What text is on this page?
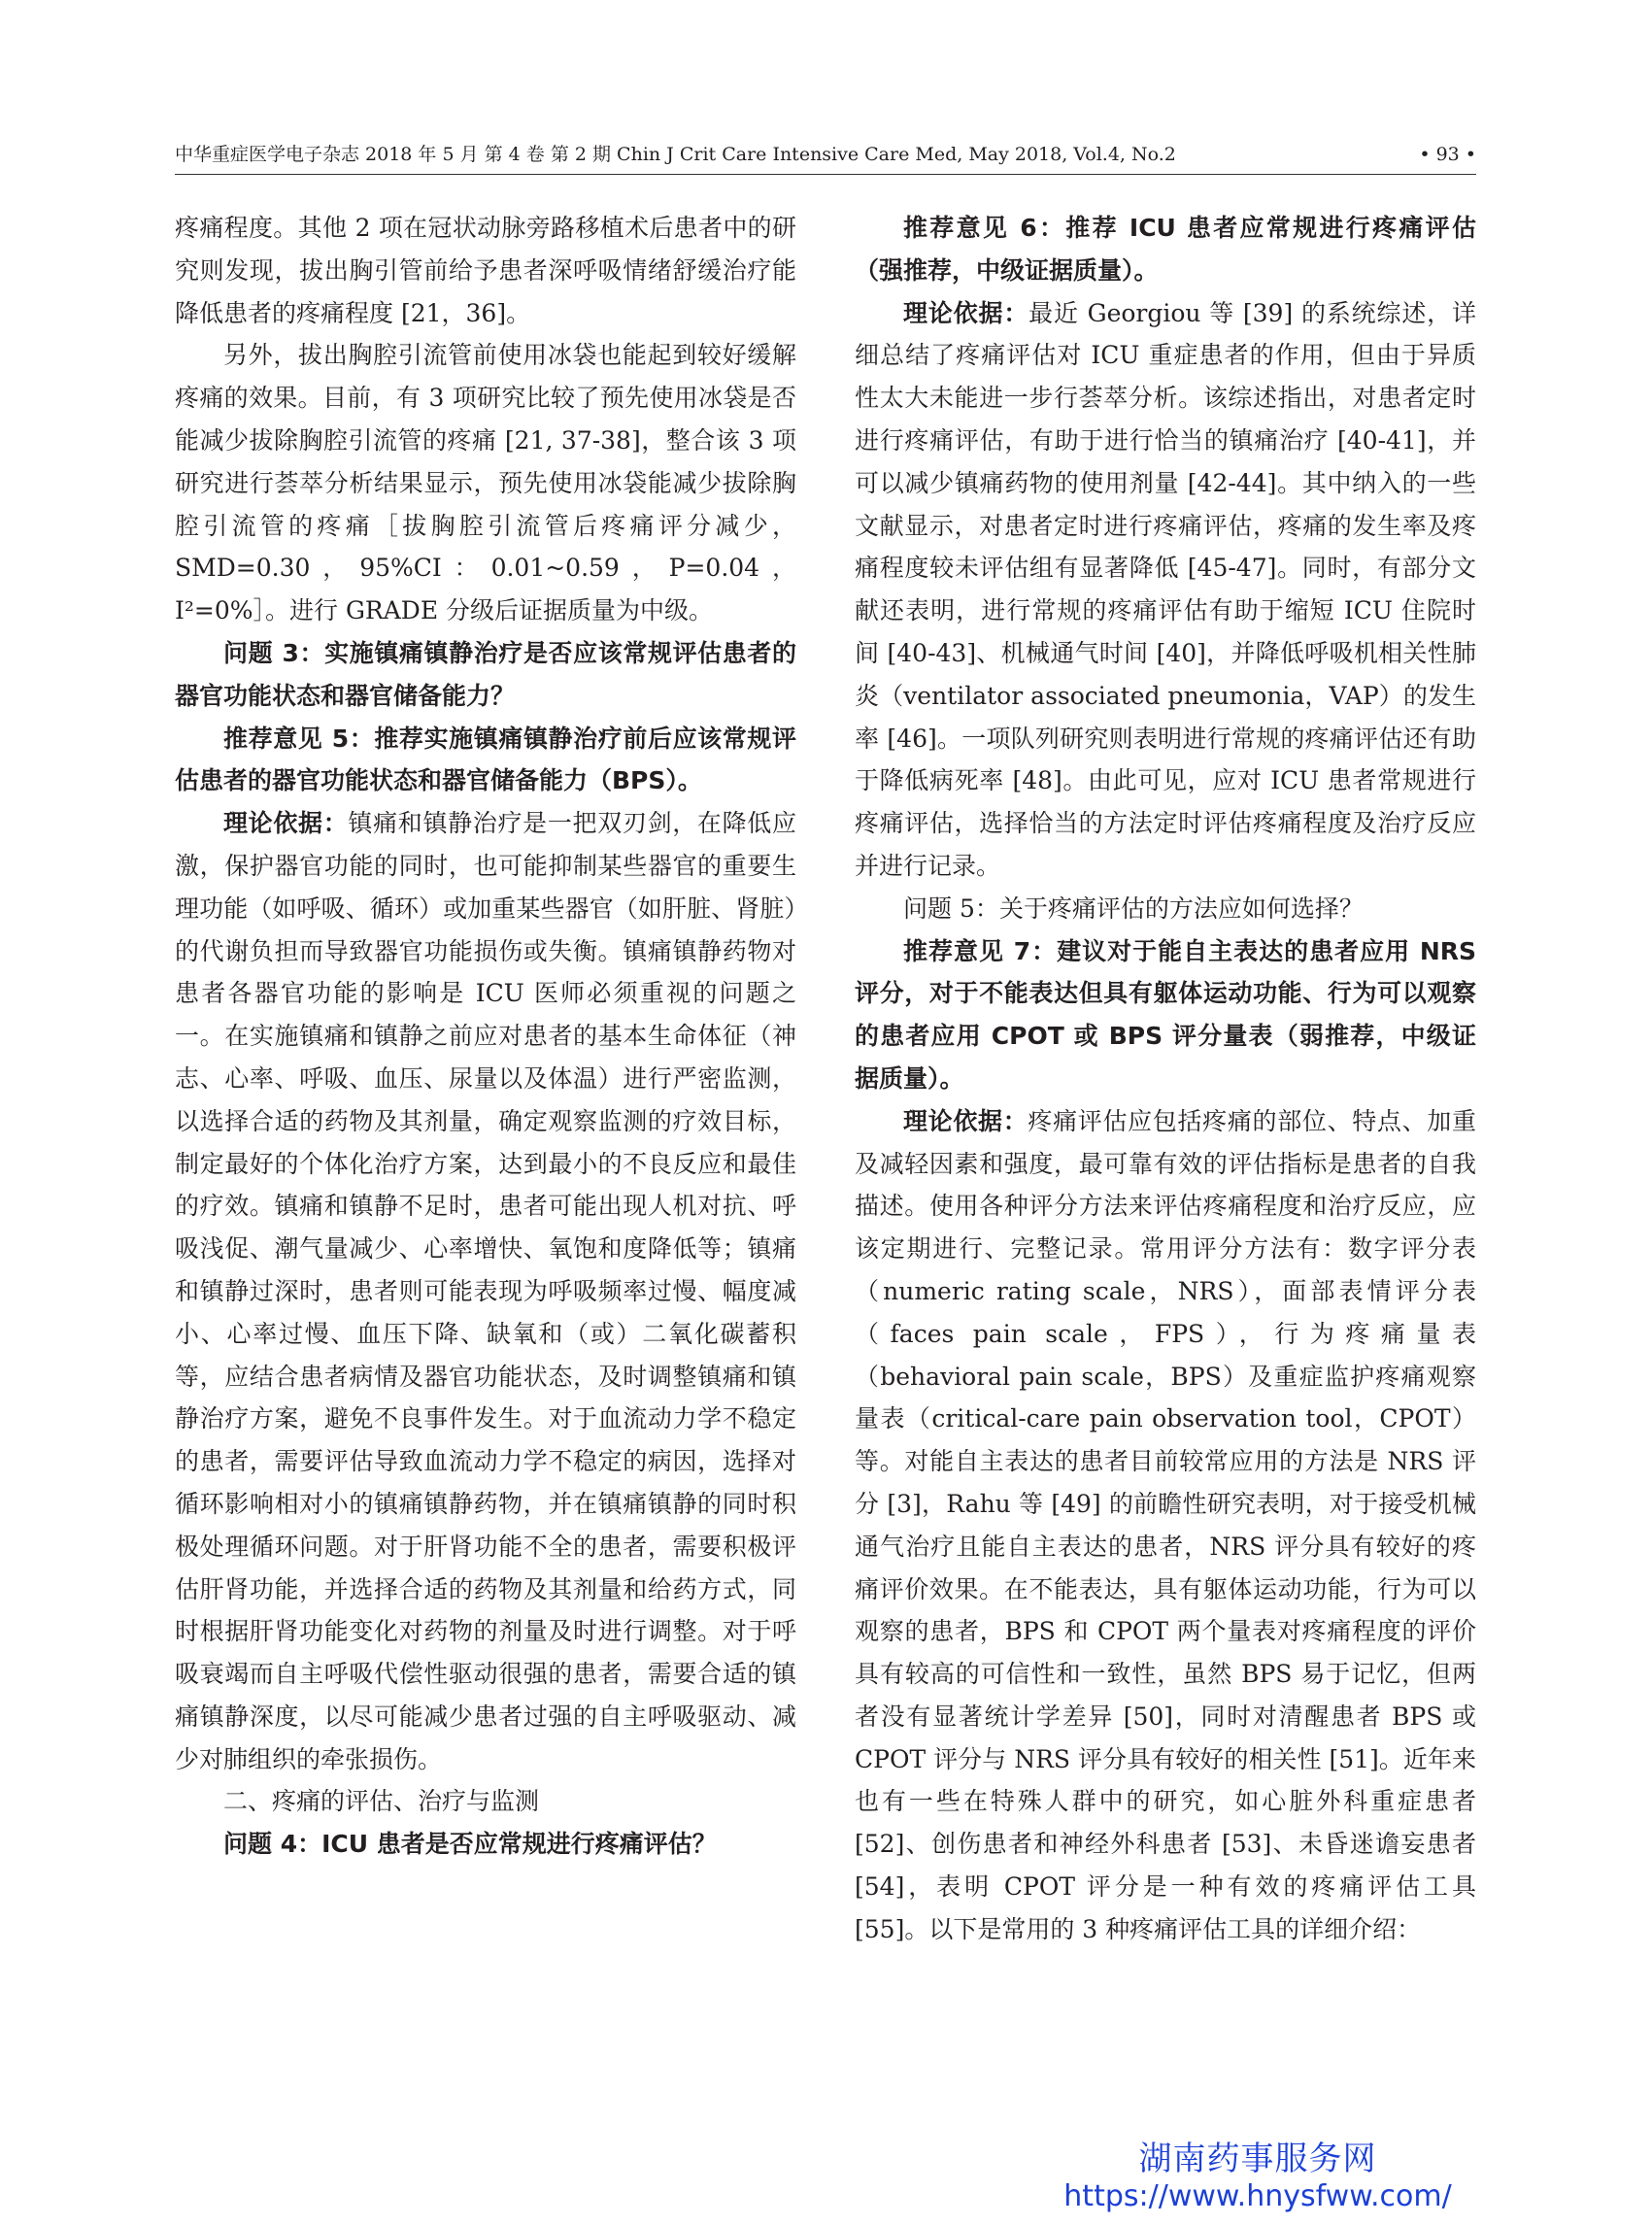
中华重症医学电子杂志 2018 年 5 月 第 4 卷 第 2 期 Chin J Crit Care Intensive Care Med, May 2018, Vol.4, No.2	• 93 •

疼痛程度。其他 2 项在冠状动脉旁路移植术后患者中的研究则发现，拔出胸引管前给予患者深呼吸情绪舒缓治疗能降低患者的疼痛程度 [21，36]。

另外，拔出胸腔引流管前使用冰袋也能起到较好缓解疼痛的效果。目前，有 3 项研究比较了预先使用冰袋是否能减少拔除胸腔引流管的疼痛 [21, 37-38]，整合该 3 项研究进行荟萃分析结果显示，预先使用冰袋能减少拔除胸腔引流管的疼痛［拔胸腔引流管后疼痛评分减少，SMD=0.30，95%CI：0.01~0.59，P=0.04，I²=0%］。进行 GRADE 分级后证据质量为中级。

问题 3：实施镇痛镇静治疗是否应该常规评估患者的器官功能状态和器官储备能力？

推荐意见 5：推荐实施镇痛镇静治疗前后应该常规评估患者的器官功能状态和器官储备能力（BPS）。

理论依据：镇痛和镇静治疗是一把双刃剑，在降低应激，保护器官功能的同时，也可能抑制某些器官的重要生理功能（如呼吸、循环）或加重某些器官（如肝脏、肾脏）的代谢负担而导致器官功能损伤或失衡。镇痛镇静药物对患者各器官功能的影响是 ICU 医师必须重视的问题之一。在实施镇痛和镇静之前应对患者的基本生命体征（神志、心率、呼吸、血压、尿量以及体温）进行严密监测，以选择合适的药物及其剂量，确定观察监测的疗效目标，制定最好的个体化治疗方案，达到最小的不良反应和最佳的疗效。镇痛和镇静不足时，患者可能出现人机对抗、呼吸浅促、潮气量减少、心率增快、氧饱和度降低等；镇痛和镇静过深时，患者则可能表现为呼吸频率过慢、幅度减小、心率过慢、血压下降、缺氧和（或）二氧化碳蓄积等，应结合患者病情及器官功能状态，及时调整镇痛和镇静治疗方案，避免不良事件发生。对于血流动力学不稳定的患者，需要评估导致血流动力学不稳定的病因，选择对循环影响相对小的镇痛镇静药物，并在镇痛镇静的同时积极处理循环问题。对于肝肾功能不全的患者，需要积极评估肝肾功能，并选择合适的药物及其剂量和给药方式，同时根据肝肾功能变化对药物的剂量及时进行调整。对于呼吸衰竭而自主呼吸代偿性驱动很强的患者，需要合适的镇痛镇静深度，以尽可能减少患者过强的自主呼吸驱动、减少对肺组织的牵张损伤。

二、疼痛的评估、治疗与监测

问题 4：ICU 患者是否应常规进行疼痛评估？

推荐意见 6：推荐 ICU 患者应常规进行疼痛评估（强推荐，中级证据质量）。

理论依据：最近 Georgiou 等 [39] 的系统综述，详细总结了疼痛评估对 ICU 重症患者的作用，但由于异质性太大未能进一步行荟萃分析。该综述指出，对患者定时进行疼痛评估，有助于进行恰当的镇痛治疗 [40-41]，并可以减少镇痛药物的使用剂量 [42-44]。其中纳入的一些文献显示，对患者定时进行疼痛评估，疼痛的发生率及疼痛程度较未评估组有显著降低 [45-47]。同时，有部分文献还表明，进行常规的疼痛评估有助于缩短 ICU 住院时间 [40-43]、机械通气时间 [40]，并降低呼吸机相关性肺炎（ventilator associated pneumonia，VAP）的发生率 [46]。一项队列研究则表明进行常规的疼痛评估还有助于降低病死率 [48]。由此可见，应对 ICU 患者常规进行疼痛评估，选择恰当的方法定时评估疼痛程度及治疗反应并进行记录。

问题 5：关于疼痛评估的方法应如何选择？

推荐意见 7：建议对于能自主表达的患者应用 NRS 评分，对于不能表达但具有躯体运动功能、行为可以观察的患者应用 CPOT 或 BPS 评分量表（弱推荐，中级证据质量）。

理论依据：疼痛评估应包括疼痛的部位、特点、加重及减轻因素和强度，最可靠有效的评估指标是患者的自我描述。使用各种评分方法来评估疼痛程度和治疗反应，应该定期进行、完整记录。常用评分方法有：数字评分表（numeric rating scale，NRS），面部表情评分表（faces pain scale，FPS），行为疼痛量表（behavioral pain scale，BPS）及重症监护疼痛观察量表（critical-care pain observation tool，CPOT）等。对能自主表达的患者目前较常应用的方法是 NRS 评分 [3]，Rahu 等 [49] 的前瞻性研究表明，对于接受机械通气治疗且能自主表达的患者，NRS 评分具有较好的疼痛评价效果。在不能表达，具有躯体运动功能，行为可以观察的患者，BPS 和 CPOT 两个量表对疼痛程度的评价具有较高的可信性和一致性，虽然 BPS 易于记忆，但两者没有显著统计学差异 [50]，同时对清醒患者 BPS 或 CPOT 评分与 NRS 评分具有较好的相关性 [51]。近年来也有一些在特殊人群中的研究，如心脏外科重症患者 [52]、创伤患者和神经外科患者 [53]、未昏迷谵妄患者 [54]，表明 CPOT 评分是一种有效的疼痛评估工具 [55]。以下是常用的 3 种疼痛评估工具的详细介绍：

湖南药事服务网
https://www.hnysfww.com/
